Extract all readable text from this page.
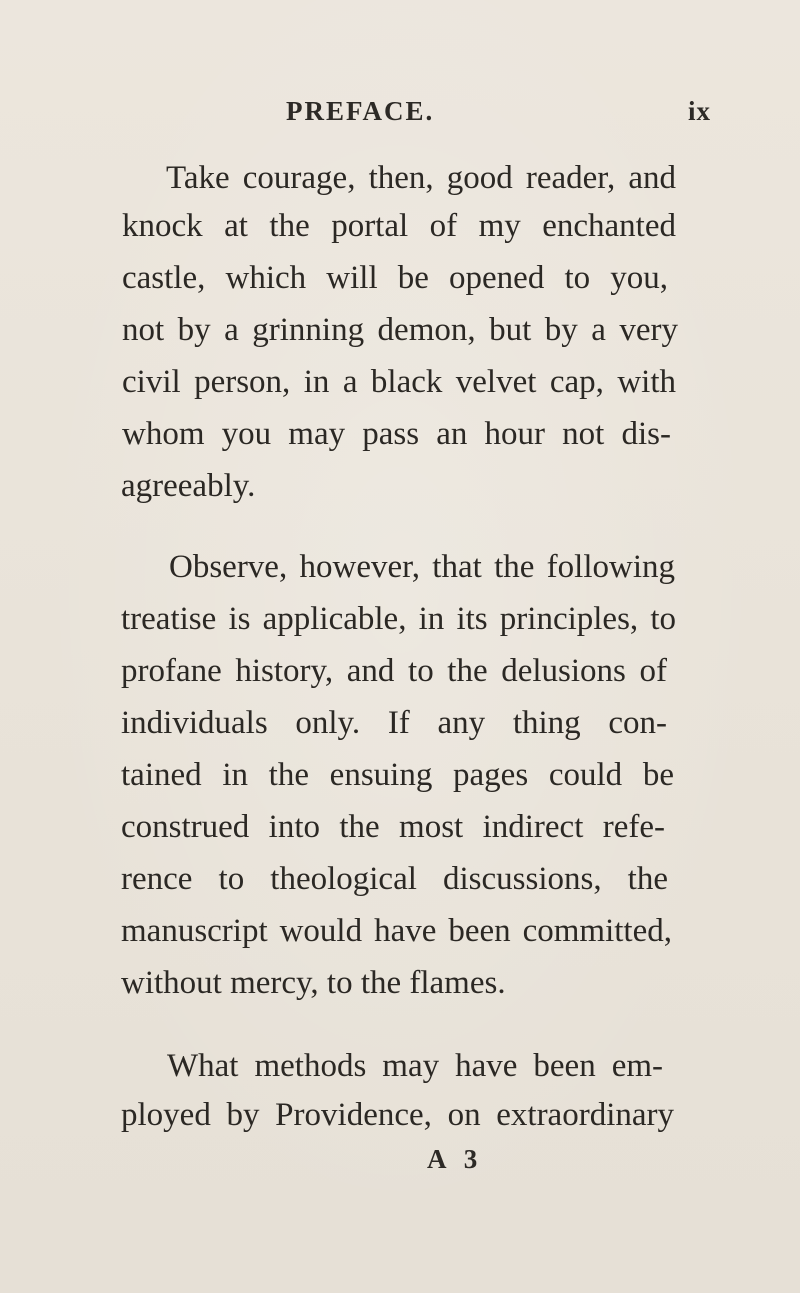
PREFACE.	ix
Take courage, then, good reader, and
knock at the portal of my enchanted
castle, which will be opened to you,
not by a grinning demon, but by a very
civil person, in a black velvet cap, with
whom you may pass an hour not dis-
agreeably.
Observe, however, that the following
treatise is applicable, in its principles, to
profane history, and to the delusions of
individuals only. If any thing con-
tained in the ensuing pages could be
construed into the most indirect refe-
rence to theological discussions, the
manuscript would have been committed,
without mercy, to the flames.
What methods may have been em-
ployed by Providence, on extraordinary
A 3
